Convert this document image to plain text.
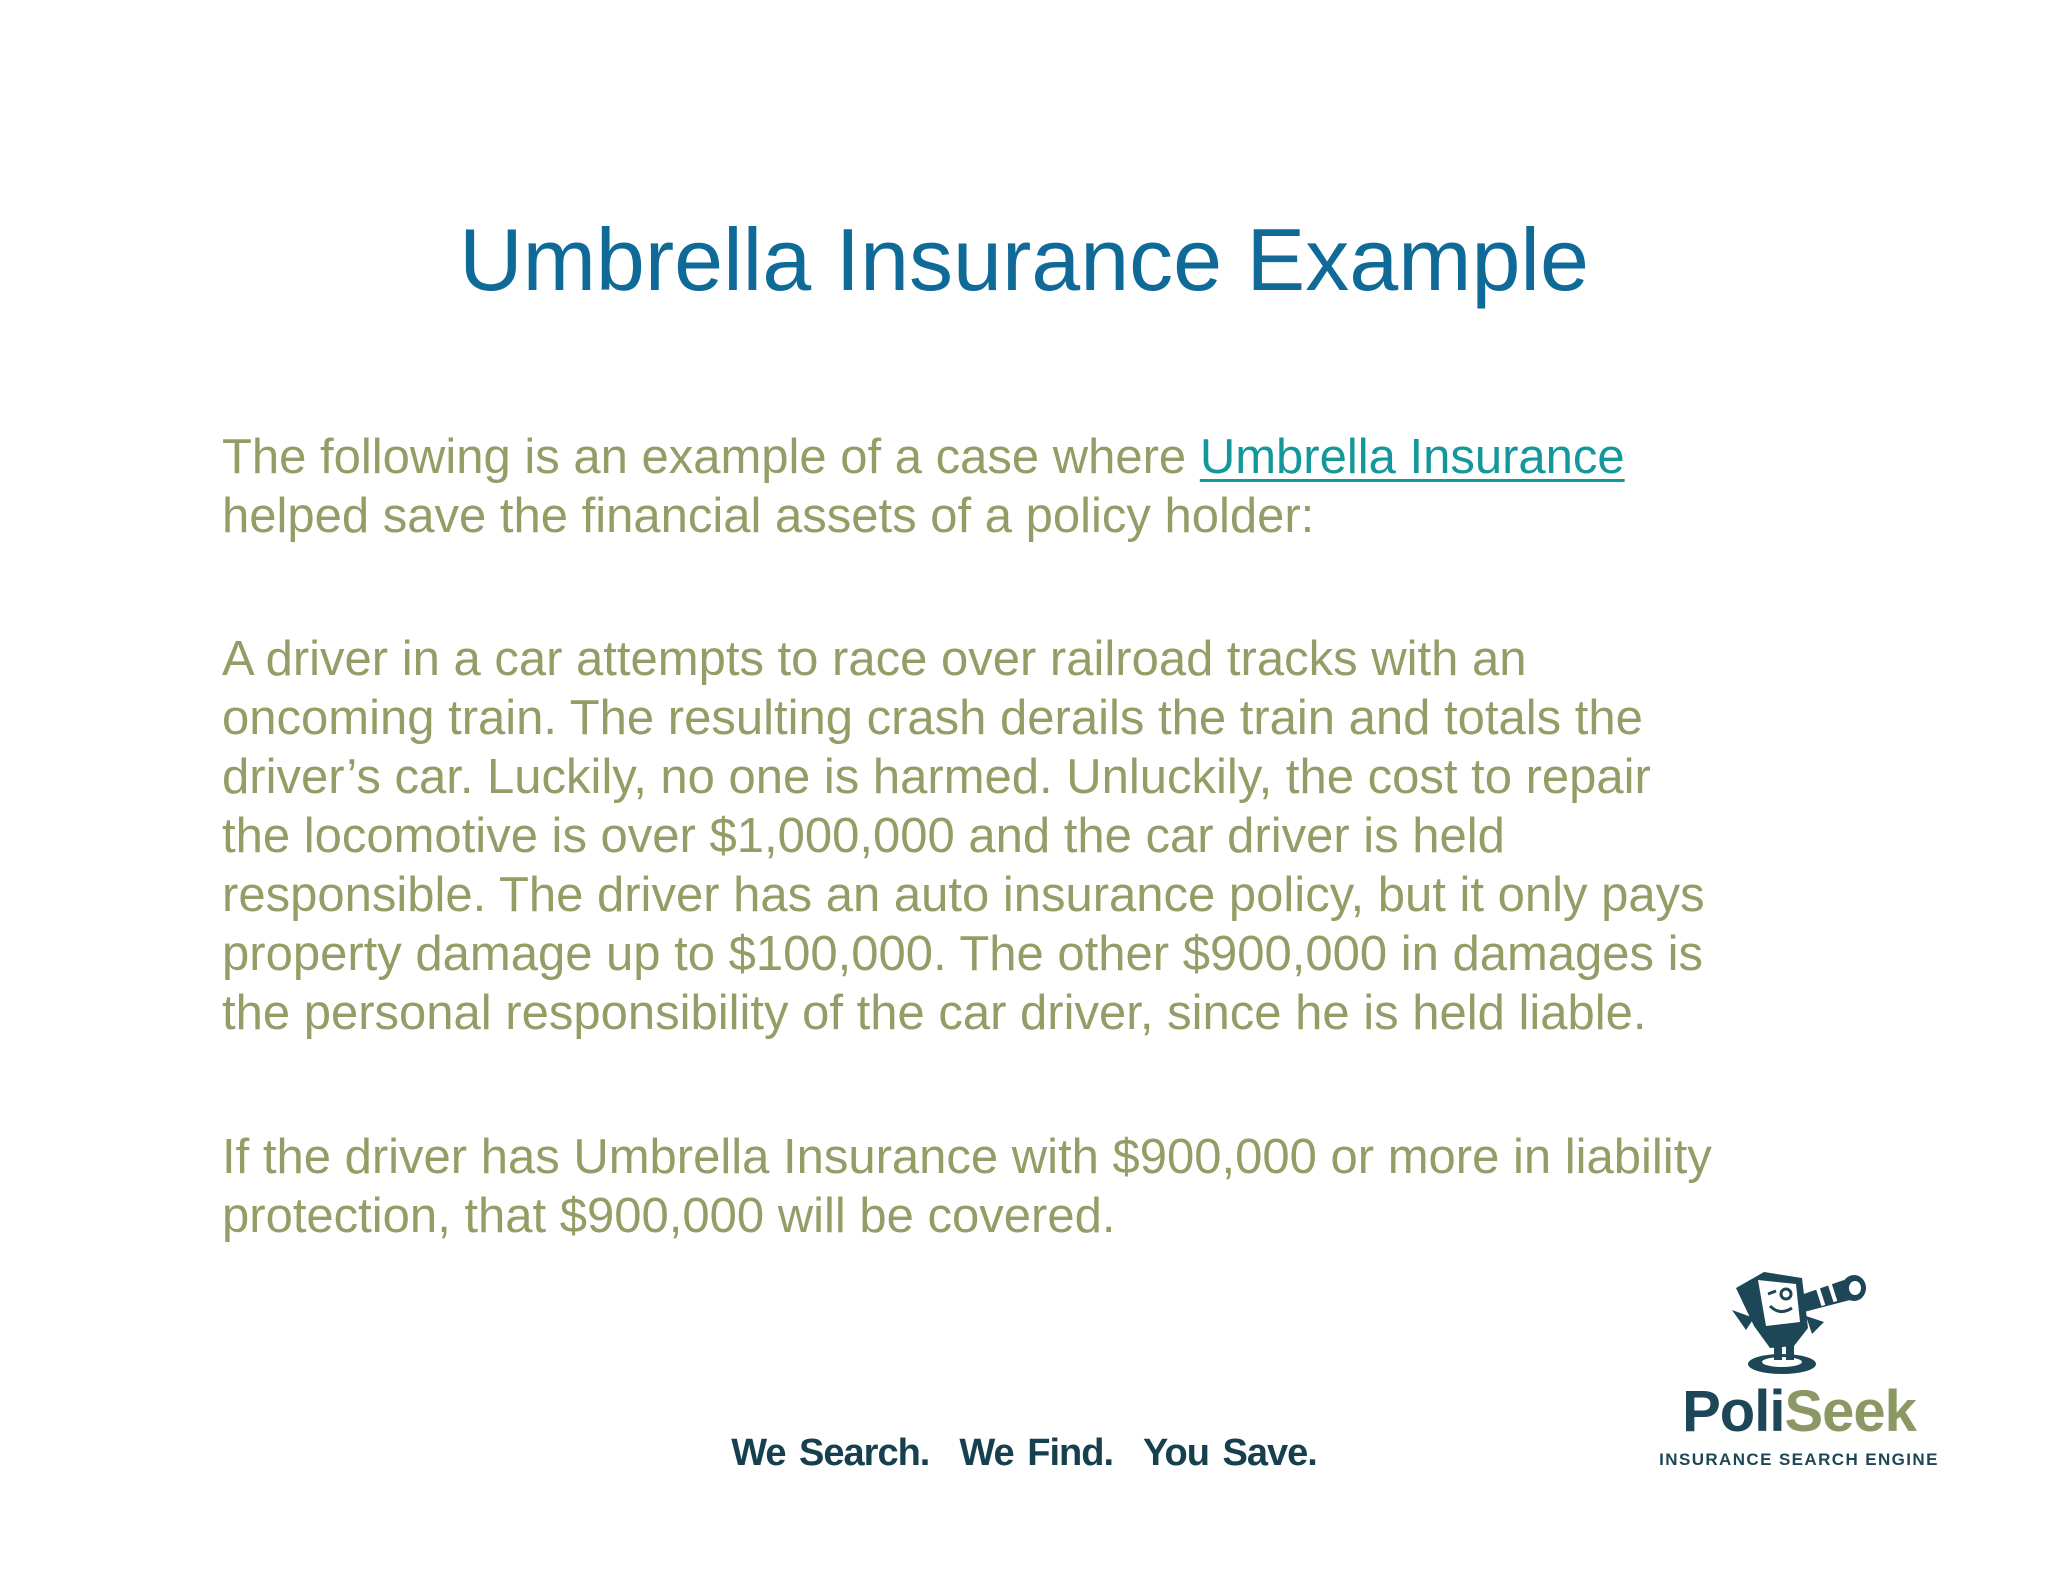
Umbrella Insurance Example
The following is an example of a case where Umbrella Insurance
helped save the financial assets of a policy holder:
A driver in a car attempts to race over railroad tracks with an
oncoming train. The resulting crash derails the train and totals the
driver’s car. Luckily, no one is harmed. Unluckily, the cost to repair
the locomotive is over $1,000,000 and the car driver is held
responsible. The driver has an auto insurance policy, but it only pays
property damage up to $100,000. The other $900,000 in damages is
the personal responsibility of the car driver, since he is held liable.
If the driver has Umbrella Insurance with $900,000 or more in liability
protection, that $900,000 will be covered.
We Search. We Find. You Save.
PoliSeek
INSURANCE SEARCH ENGINE
